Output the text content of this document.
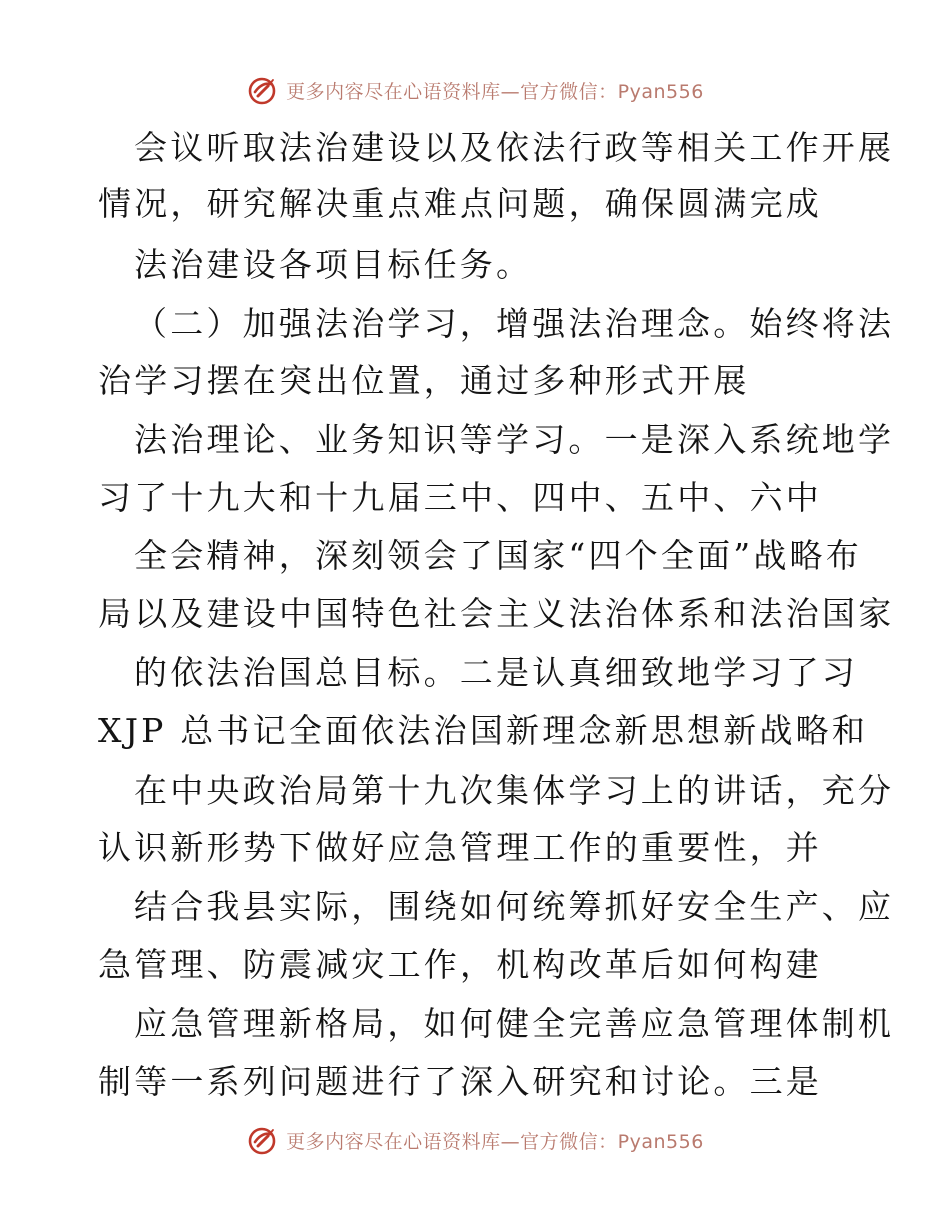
更多内容尽在心语资料库—官方微信：Pyan556
会议听取法治建设以及依法行政等相关工作开展
情况，研究解决重点难点问题，确保圆满完成
法治建设各项目标任务。
（二）加强法治学习，增强法治理念。始终将法
治学习摆在突出位置，通过多种形式开展
法治理论、业务知识等学习。一是深入系统地学
习了十九大和十九届三中、四中、五中、六中
全会精神，深刻领会了国家“四个全面”战略布
局以及建设中国特色社会主义法治体系和法治国家
的依法治国总目标。二是认真细致地学习了习
XJP 总书记全面依法治国新理念新思想新战略和
在中央政治局第十九次集体学习上的讲话，充分
认识新形势下做好应急管理工作的重要性，并
结合我县实际，围绕如何统筹抓好安全生产、应
急管理、防震减灾工作，机构改革后如何构建
应急管理新格局，如何健全完善应急管理体制机
制等一系列问题进行了深入研究和讨论。三是
更多内容尽在心语资料库—官方微信：Pyan556
